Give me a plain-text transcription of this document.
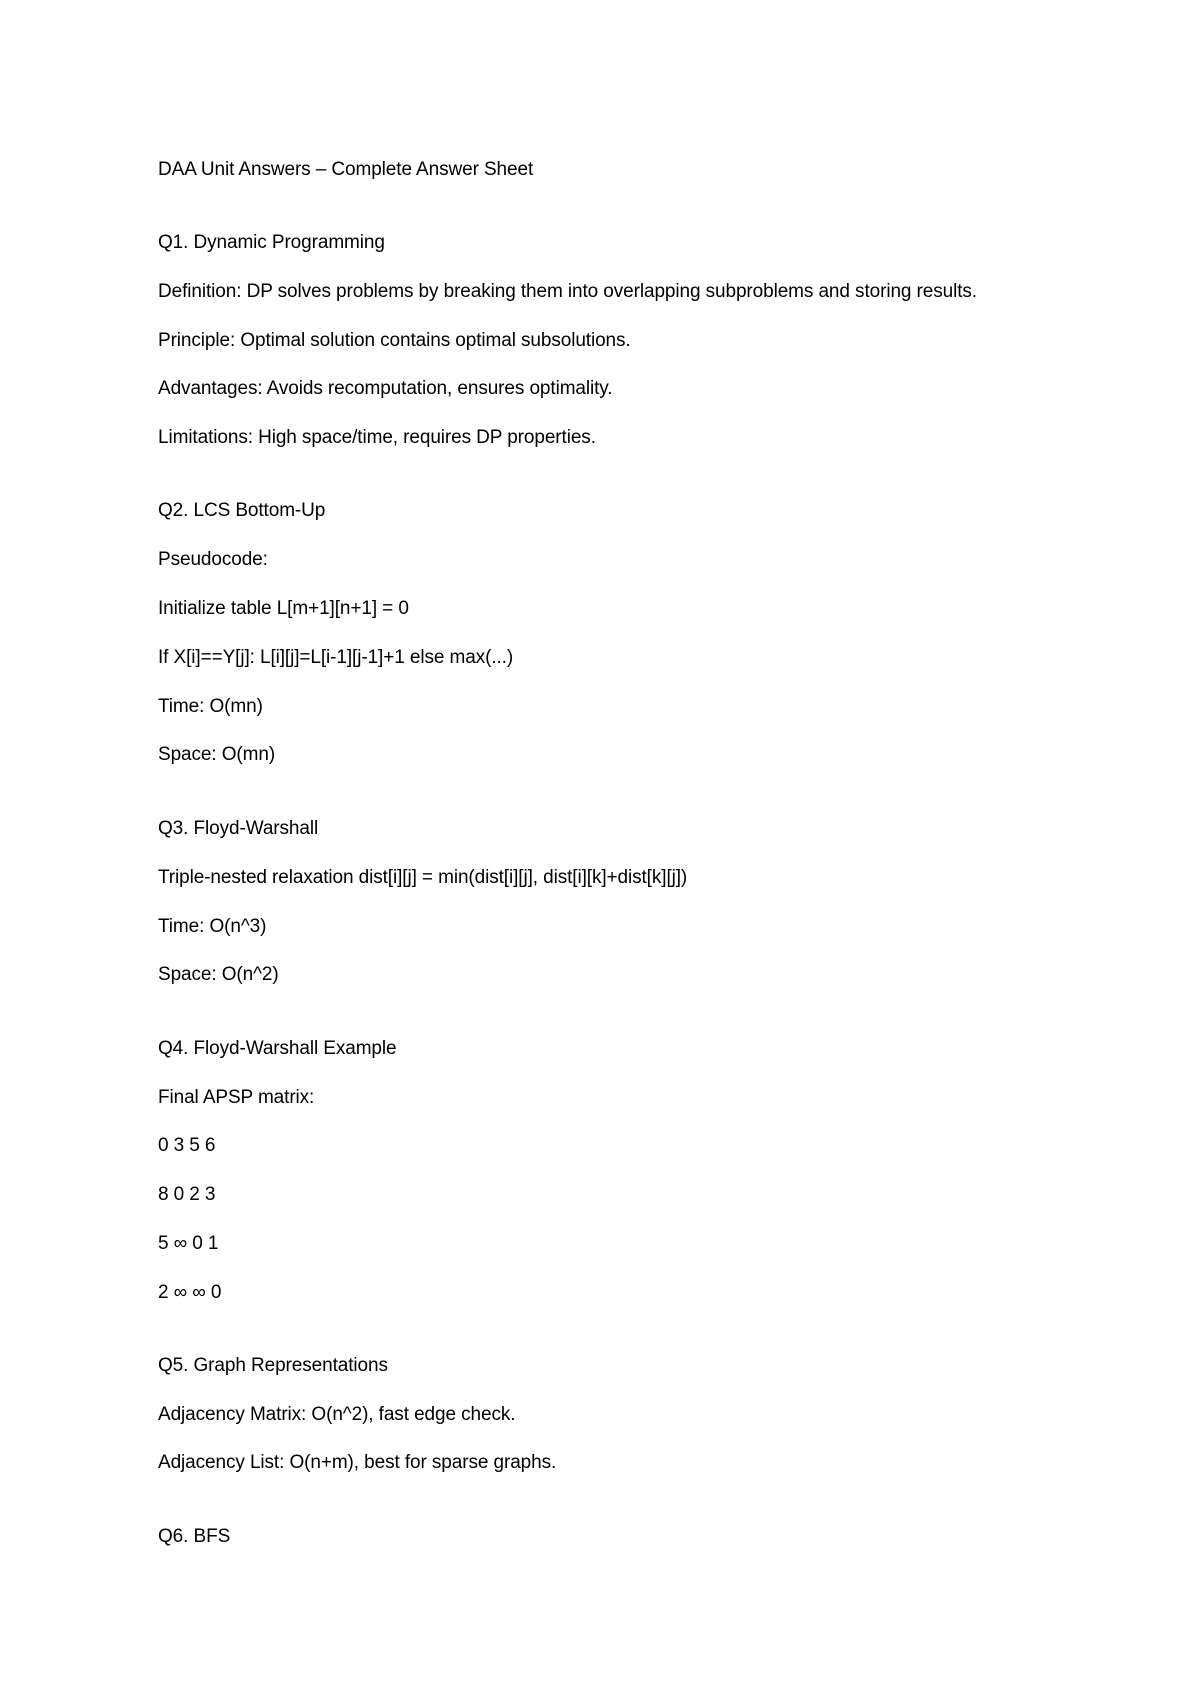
DAA Unit Answers – Complete Answer Sheet
Q1. Dynamic Programming
Definition: DP solves problems by breaking them into overlapping subproblems and storing results.
Principle: Optimal solution contains optimal subsolutions.
Advantages: Avoids recomputation, ensures optimality.
Limitations: High space/time, requires DP properties.
Q2. LCS Bottom-Up
Pseudocode:
Initialize table L[m+1][n+1] = 0
If X[i]==Y[j]: L[i][j]=L[i-1][j-1]+1 else max(...)
Time: O(mn)
Space: O(mn)
Q3. Floyd-Warshall
Triple-nested relaxation dist[i][j] = min(dist[i][j], dist[i][k]+dist[k][j])
Time: O(n^3)
Space: O(n^2)
Q4. Floyd-Warshall Example
Final APSP matrix:
0 3 5 6
8 0 2 3
5 ∞ 0 1
2 ∞ ∞ 0
Q5. Graph Representations
Adjacency Matrix: O(n^2), fast edge check.
Adjacency List: O(n+m), best for sparse graphs.
Q6. BFS
